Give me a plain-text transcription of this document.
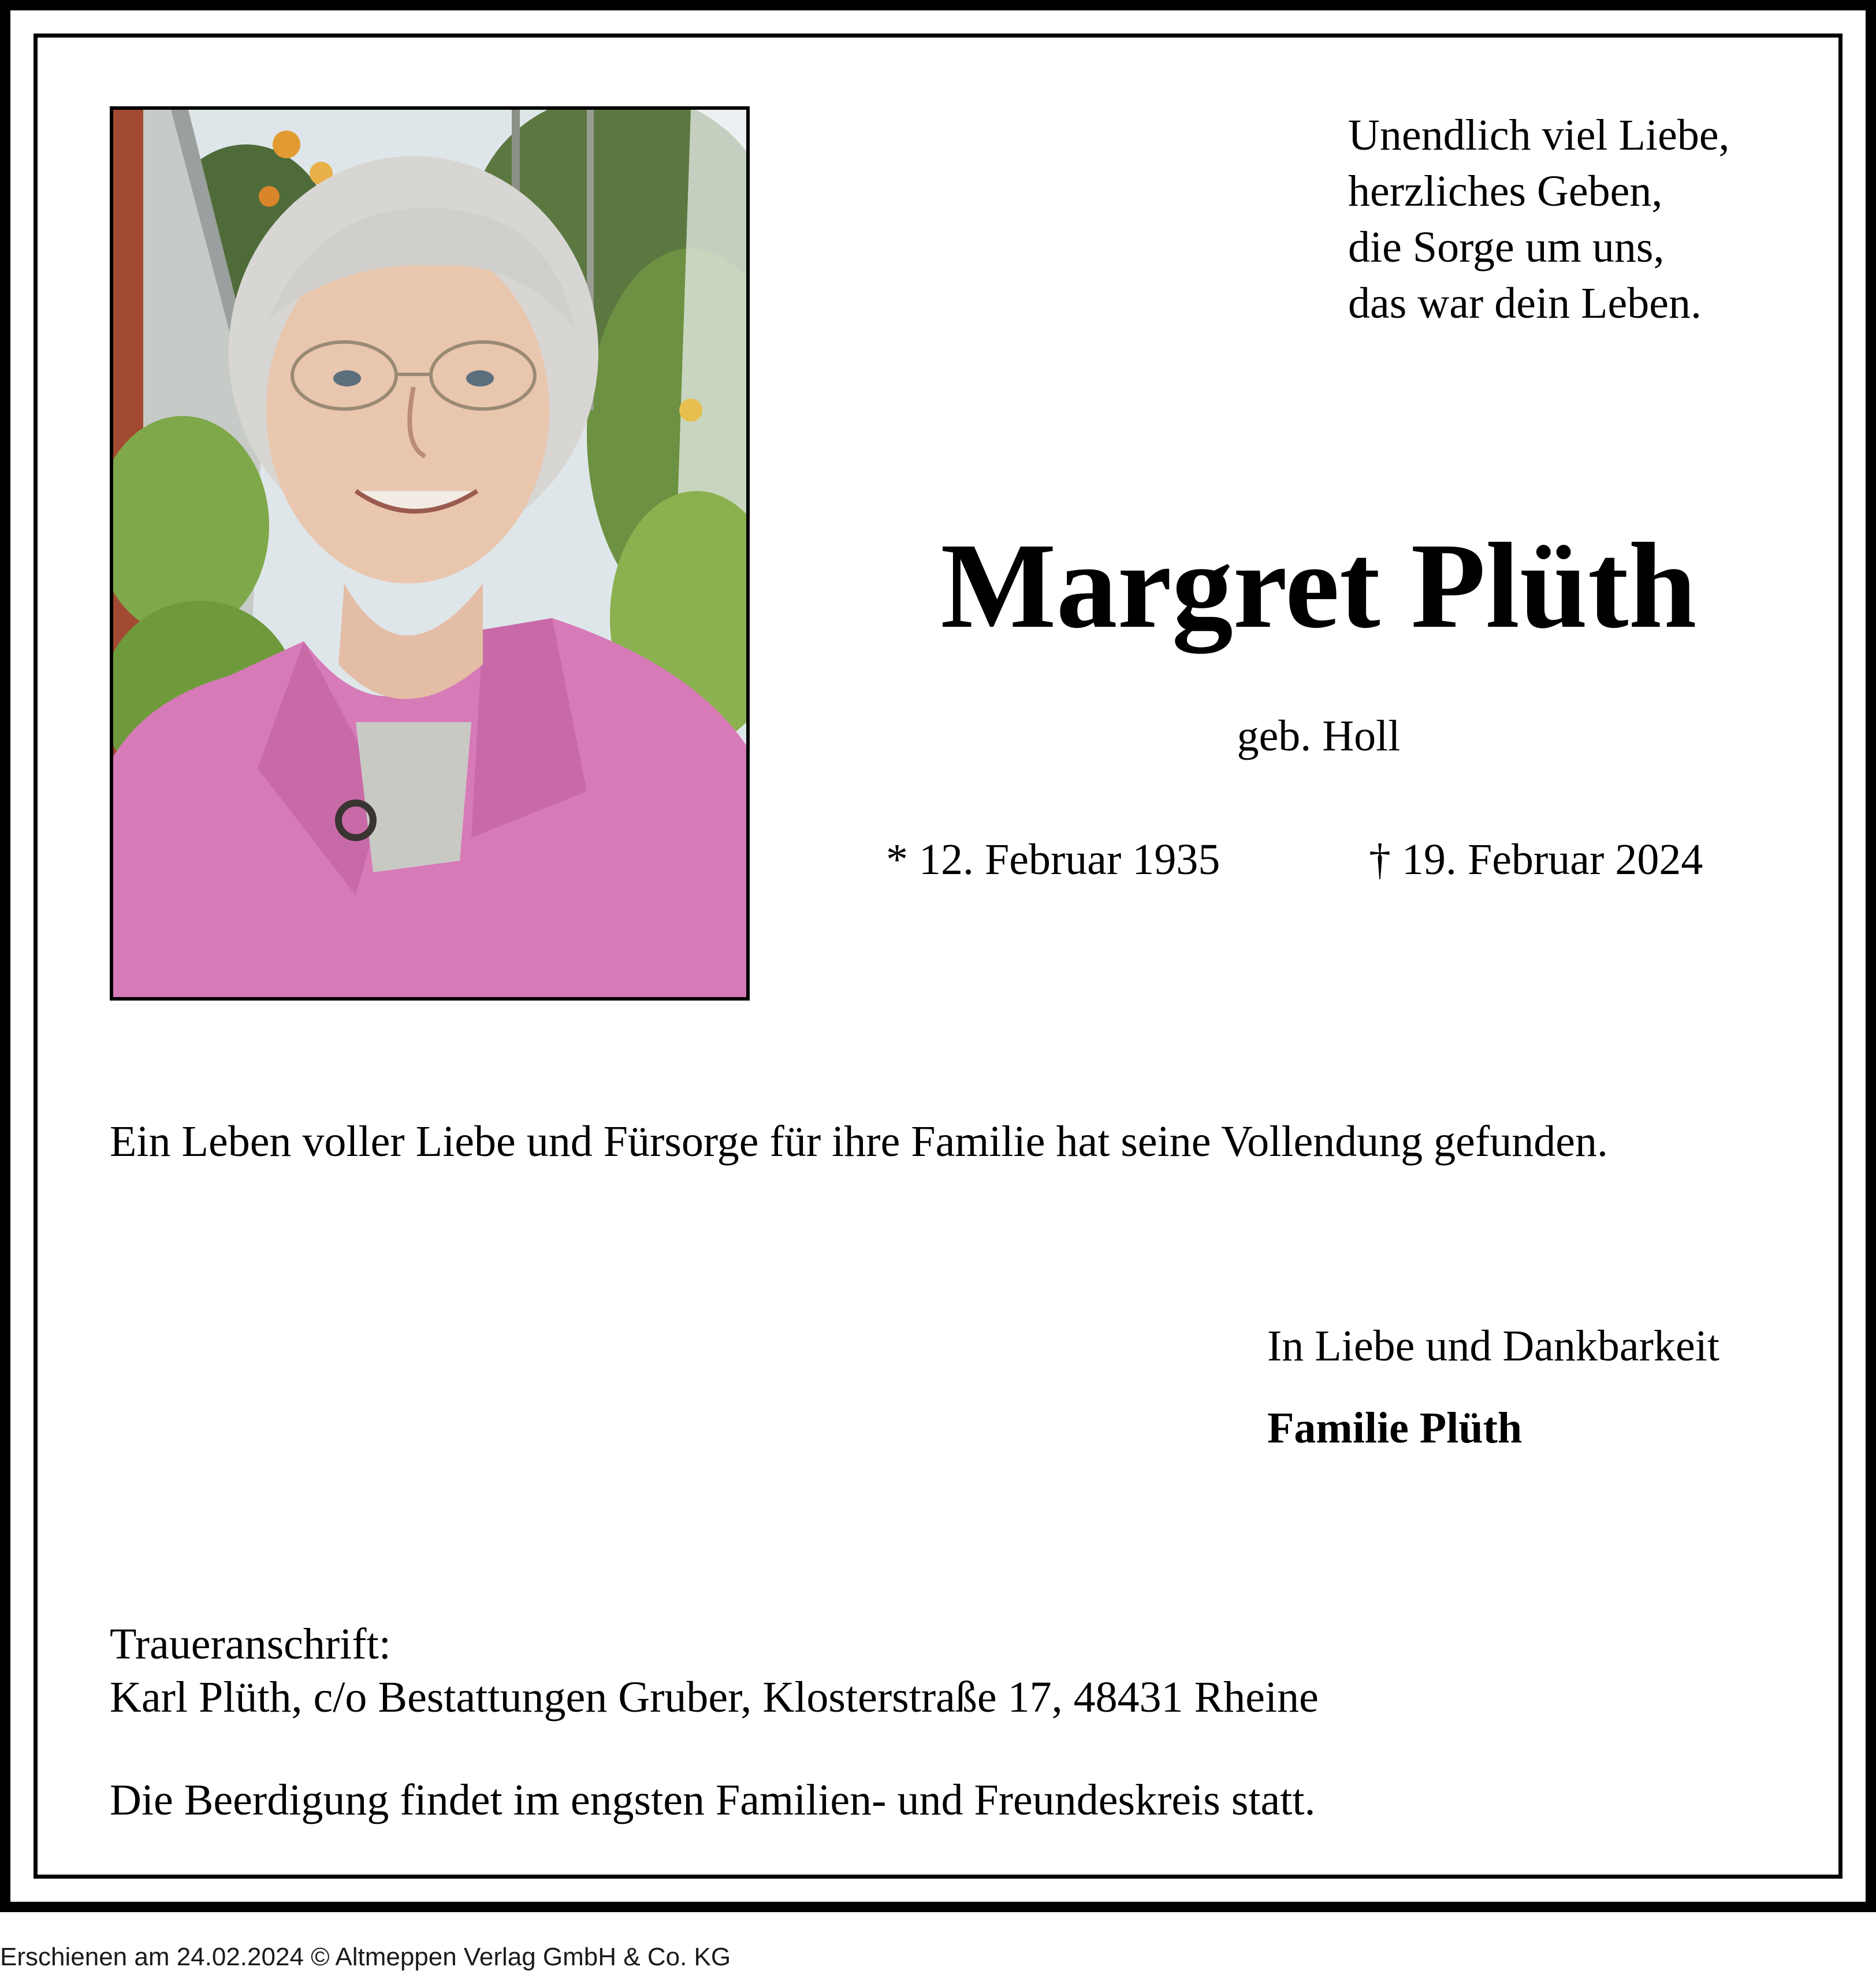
Unendlich viel Liebe,
herzliches Geben,
die Sorge um uns,
das war dein Leben.
Margret Plüth
geb. Holl
* 12. Februar 1935	† 19. Februar 2024
Ein Leben voller Liebe und Fürsorge für ihre Familie hat seine Vollendung gefunden.
In Liebe und Dankbarkeit
Familie Plüth
Traueranschrift:
Karl Plüth, c/o Bestattungen Gruber, Klosterstraße 17, 48431 Rheine
Die Beerdigung findet im engsten Familien- und Freundeskreis statt.
Erschienen am 24.02.2024 © Altmeppen Verlag GmbH & Co. KG
